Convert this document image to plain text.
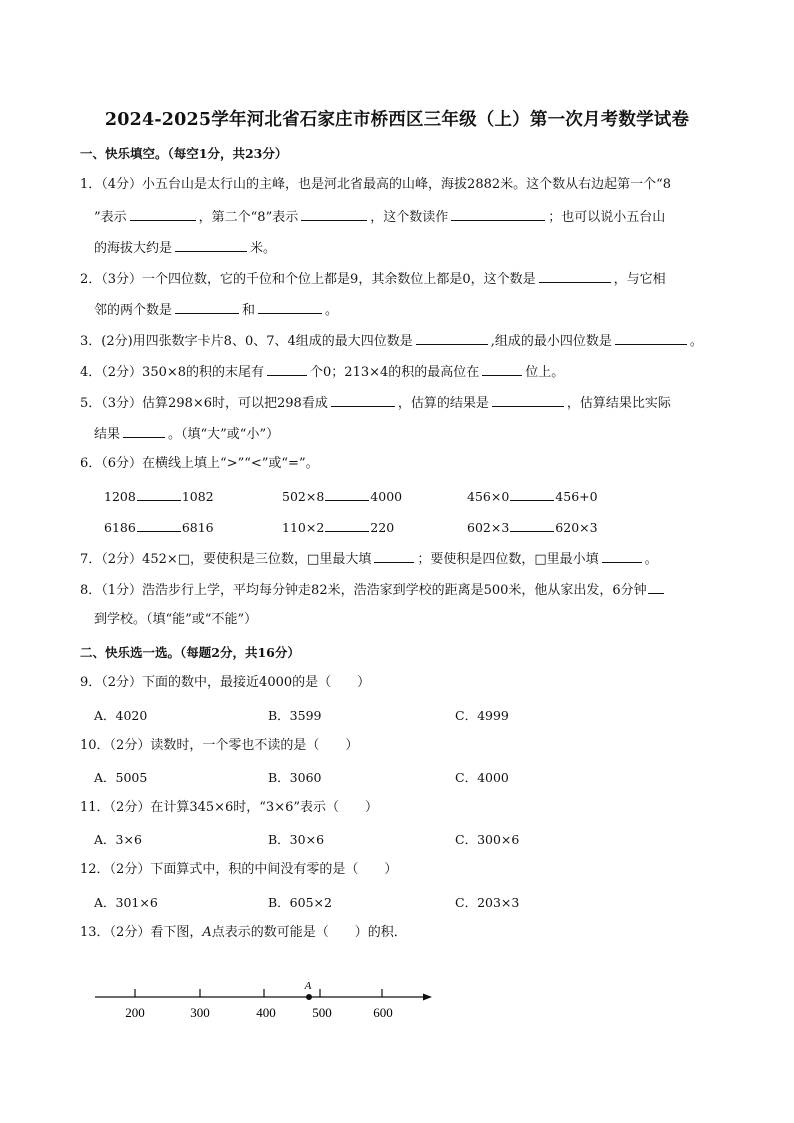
2024-2025学年河北省石家庄市桥西区三年级（上）第一次月考数学试卷
一、快乐填空。（每空1分，共23分）
1．（4分）小五台山是太行山的主峰，也是河北省最高的山峰，海拔2882米。这个数从右边起第一个“8
”表示	，第二个“8”表示	，这个数读作	；也可以说小五台山
的海拔大约是	米。
2．（3分）一个四位数，它的千位和个位上都是9，其余数位上都是0，这个数是	，与它相
邻的两个数是	和	。
3．(2分)用四张数字卡片8、0、7、4组成的最大四位数是	,组成的最小四位数是	。
4．（2分）350×8的积的末尾有	个0；213×4的积的最高位在	位上。
5．（3分）估算298×6时，可以把298看成	，估算的结果是	，估算结果比实际
结果	。（填“大”或“小”）
6．（6分）在横线上填上“>”“<”或“=”。
1208	1082	502×8	4000	456×0	456+0
6186	6816	110×2	220	602×3	620×3
7．（2分）452×□，要使积是三位数，□里最大填	；要使积是四位数，□里最小填	。
8．（1分）浩浩步行上学，平均每分钟走82米，浩浩家到学校的距离是500米，他从家出发，6分钟
到学校。（填“能”或“不能”）
二、快乐选一选。（每题2分，共16分）
9．（2分）下面的数中，最接近4000的是（　　）
A．4020	B．3599	C．4999
10．（2分）读数时，一个零也不读的是（　　）
A．5005	B．3060	C．4000
11．（2分）在计算345×6时，“3×6”表示（　　）
A．3×6	B．30×6	C．300×6
12．（2分）下面算式中，积的中间没有零的是（　　）
A．301×6	B．605×2	C．203×3
13．（2分）看下图，A点表示的数可能是（　　）的积．
A
200	300	400	500	600
